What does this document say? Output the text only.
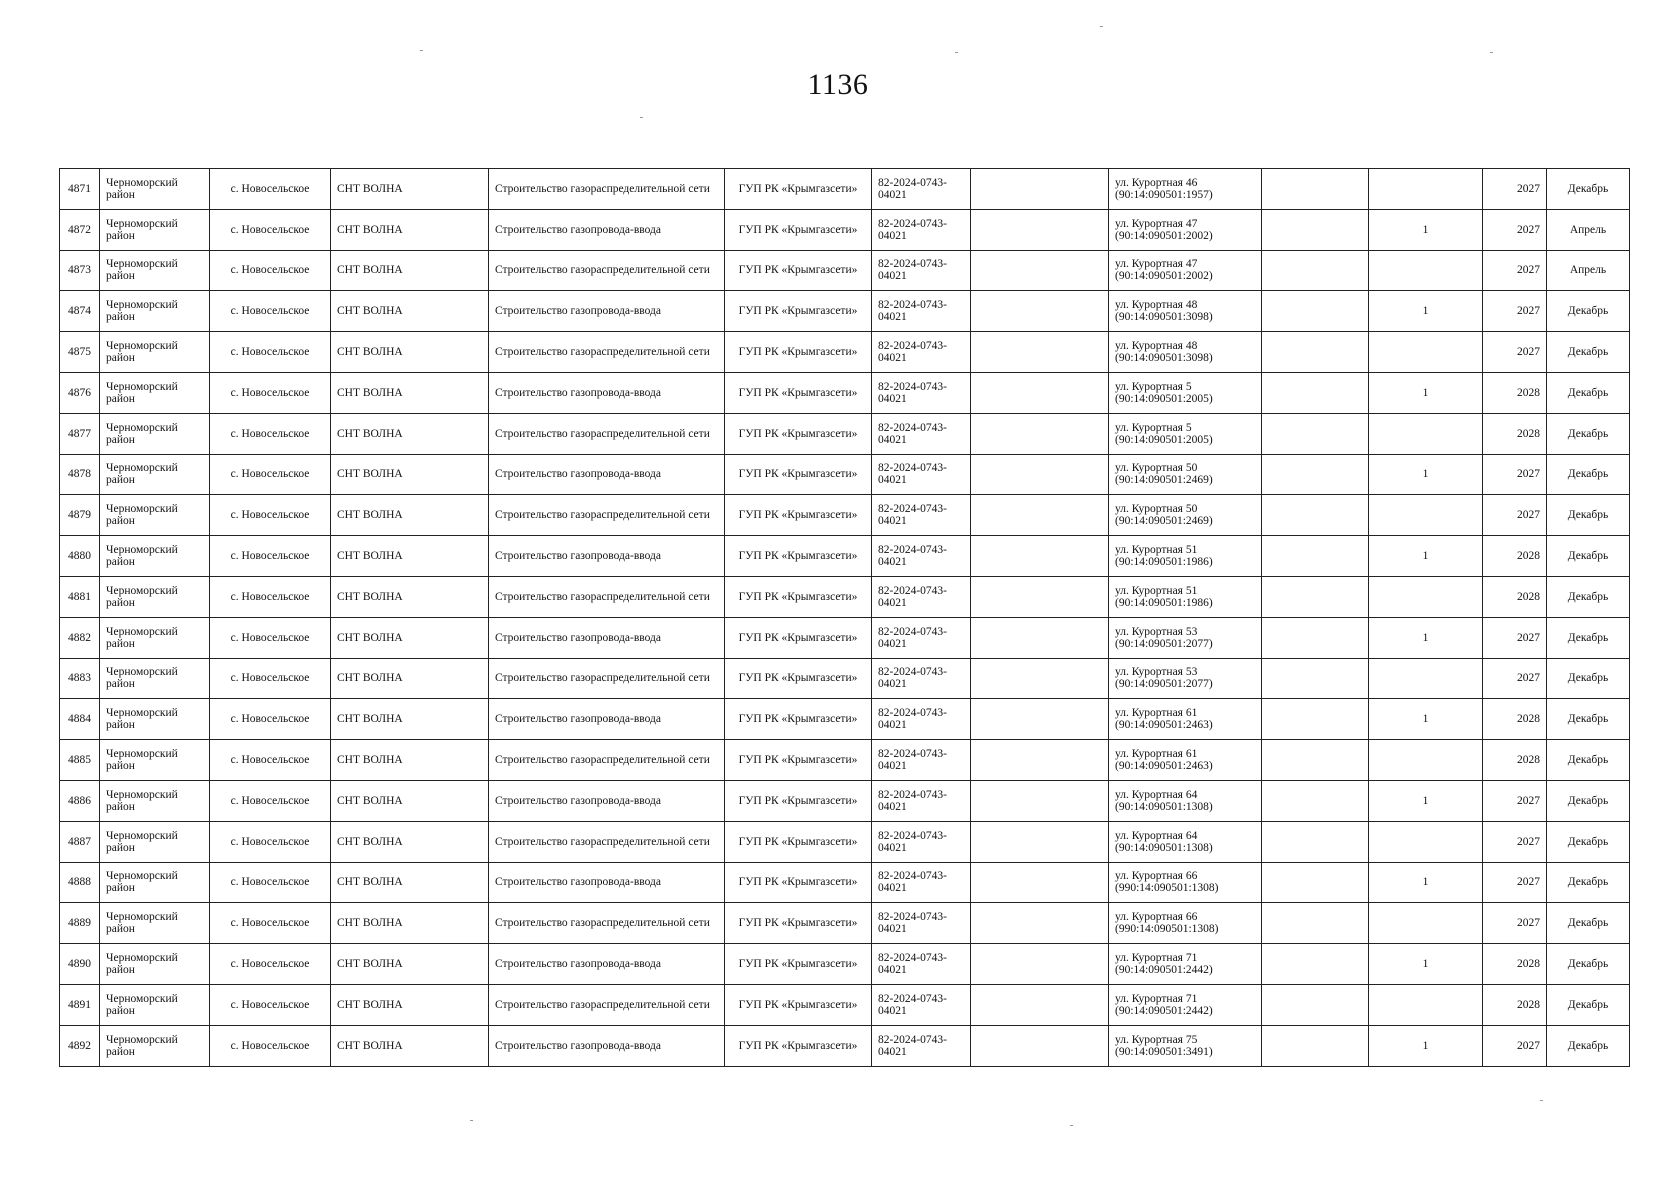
1136
4871	Черноморский район	с. Новосельское	СНТ ВОЛНА	Строительство газораспределительной сети	ГУП РК «Крымгазсети»	82-2024-0743-04021		ул. Курортная 46 (90:14:090501:1957)			2027	Декабрь
4872	Черноморский район	с. Новосельское	СНТ ВОЛНА	Строительство газопровода-ввода	ГУП РК «Крымгазсети»	82-2024-0743-04021		ул. Курортная 47 (90:14:090501:2002)		1	2027	Апрель
4873	Черноморский район	с. Новосельское	СНТ ВОЛНА	Строительство газораспределительной сети	ГУП РК «Крымгазсети»	82-2024-0743-04021		ул. Курортная 47 (90:14:090501:2002)			2027	Апрель
4874	Черноморский район	с. Новосельское	СНТ ВОЛНА	Строительство газопровода-ввода	ГУП РК «Крымгазсети»	82-2024-0743-04021		ул. Курортная 48 (90:14:090501:3098)		1	2027	Декабрь
4875	Черноморский район	с. Новосельское	СНТ ВОЛНА	Строительство газораспределительной сети	ГУП РК «Крымгазсети»	82-2024-0743-04021		ул. Курортная 48 (90:14:090501:3098)			2027	Декабрь
4876	Черноморский район	с. Новосельское	СНТ ВОЛНА	Строительство газопровода-ввода	ГУП РК «Крымгазсети»	82-2024-0743-04021		ул. Курортная 5 (90:14:090501:2005)		1	2028	Декабрь
4877	Черноморский район	с. Новосельское	СНТ ВОЛНА	Строительство газораспределительной сети	ГУП РК «Крымгазсети»	82-2024-0743-04021		ул. Курортная 5 (90:14:090501:2005)			2028	Декабрь
4878	Черноморский район	с. Новосельское	СНТ ВОЛНА	Строительство газопровода-ввода	ГУП РК «Крымгазсети»	82-2024-0743-04021		ул. Курортная 50 (90:14:090501:2469)		1	2027	Декабрь
4879	Черноморский район	с. Новосельское	СНТ ВОЛНА	Строительство газораспределительной сети	ГУП РК «Крымгазсети»	82-2024-0743-04021		ул. Курортная 50 (90:14:090501:2469)			2027	Декабрь
4880	Черноморский район	с. Новосельское	СНТ ВОЛНА	Строительство газопровода-ввода	ГУП РК «Крымгазсети»	82-2024-0743-04021		ул. Курортная 51 (90:14:090501:1986)		1	2028	Декабрь
4881	Черноморский район	с. Новосельское	СНТ ВОЛНА	Строительство газораспределительной сети	ГУП РК «Крымгазсети»	82-2024-0743-04021		ул. Курортная 51 (90:14:090501:1986)			2028	Декабрь
4882	Черноморский район	с. Новосельское	СНТ ВОЛНА	Строительство газопровода-ввода	ГУП РК «Крымгазсети»	82-2024-0743-04021		ул. Курортная 53 (90:14:090501:2077)		1	2027	Декабрь
4883	Черноморский район	с. Новосельское	СНТ ВОЛНА	Строительство газораспределительной сети	ГУП РК «Крымгазсети»	82-2024-0743-04021		ул. Курортная 53 (90:14:090501:2077)			2027	Декабрь
4884	Черноморский район	с. Новосельское	СНТ ВОЛНА	Строительство газопровода-ввода	ГУП РК «Крымгазсети»	82-2024-0743-04021		ул. Курортная 61 (90:14:090501:2463)		1	2028	Декабрь
4885	Черноморский район	с. Новосельское	СНТ ВОЛНА	Строительство газораспределительной сети	ГУП РК «Крымгазсети»	82-2024-0743-04021		ул. Курортная 61 (90:14:090501:2463)			2028	Декабрь
4886	Черноморский район	с. Новосельское	СНТ ВОЛНА	Строительство газопровода-ввода	ГУП РК «Крымгазсети»	82-2024-0743-04021		ул. Курортная 64 (90:14:090501:1308)		1	2027	Декабрь
4887	Черноморский район	с. Новосельское	СНТ ВОЛНА	Строительство газораспределительной сети	ГУП РК «Крымгазсети»	82-2024-0743-04021		ул. Курортная 64 (90:14:090501:1308)			2027	Декабрь
4888	Черноморский район	с. Новосельское	СНТ ВОЛНА	Строительство газопровода-ввода	ГУП РК «Крымгазсети»	82-2024-0743-04021		ул. Курортная 66 (990:14:090501:1308)		1	2027	Декабрь
4889	Черноморский район	с. Новосельское	СНТ ВОЛНА	Строительство газораспределительной сети	ГУП РК «Крымгазсети»	82-2024-0743-04021		ул. Курортная 66 (990:14:090501:1308)			2027	Декабрь
4890	Черноморский район	с. Новосельское	СНТ ВОЛНА	Строительство газопровода-ввода	ГУП РК «Крымгазсети»	82-2024-0743-04021		ул. Курортная 71 (90:14:090501:2442)		1	2028	Декабрь
4891	Черноморский район	с. Новосельское	СНТ ВОЛНА	Строительство газораспределительной сети	ГУП РК «Крымгазсети»	82-2024-0743-04021		ул. Курортная 71 (90:14:090501:2442)			2028	Декабрь
4892	Черноморский район	с. Новосельское	СНТ ВОЛНА	Строительство газопровода-ввода	ГУП РК «Крымгазсети»	82-2024-0743-04021		ул. Курортная 75 (90:14:090501:3491)		1	2027	Декабрь
